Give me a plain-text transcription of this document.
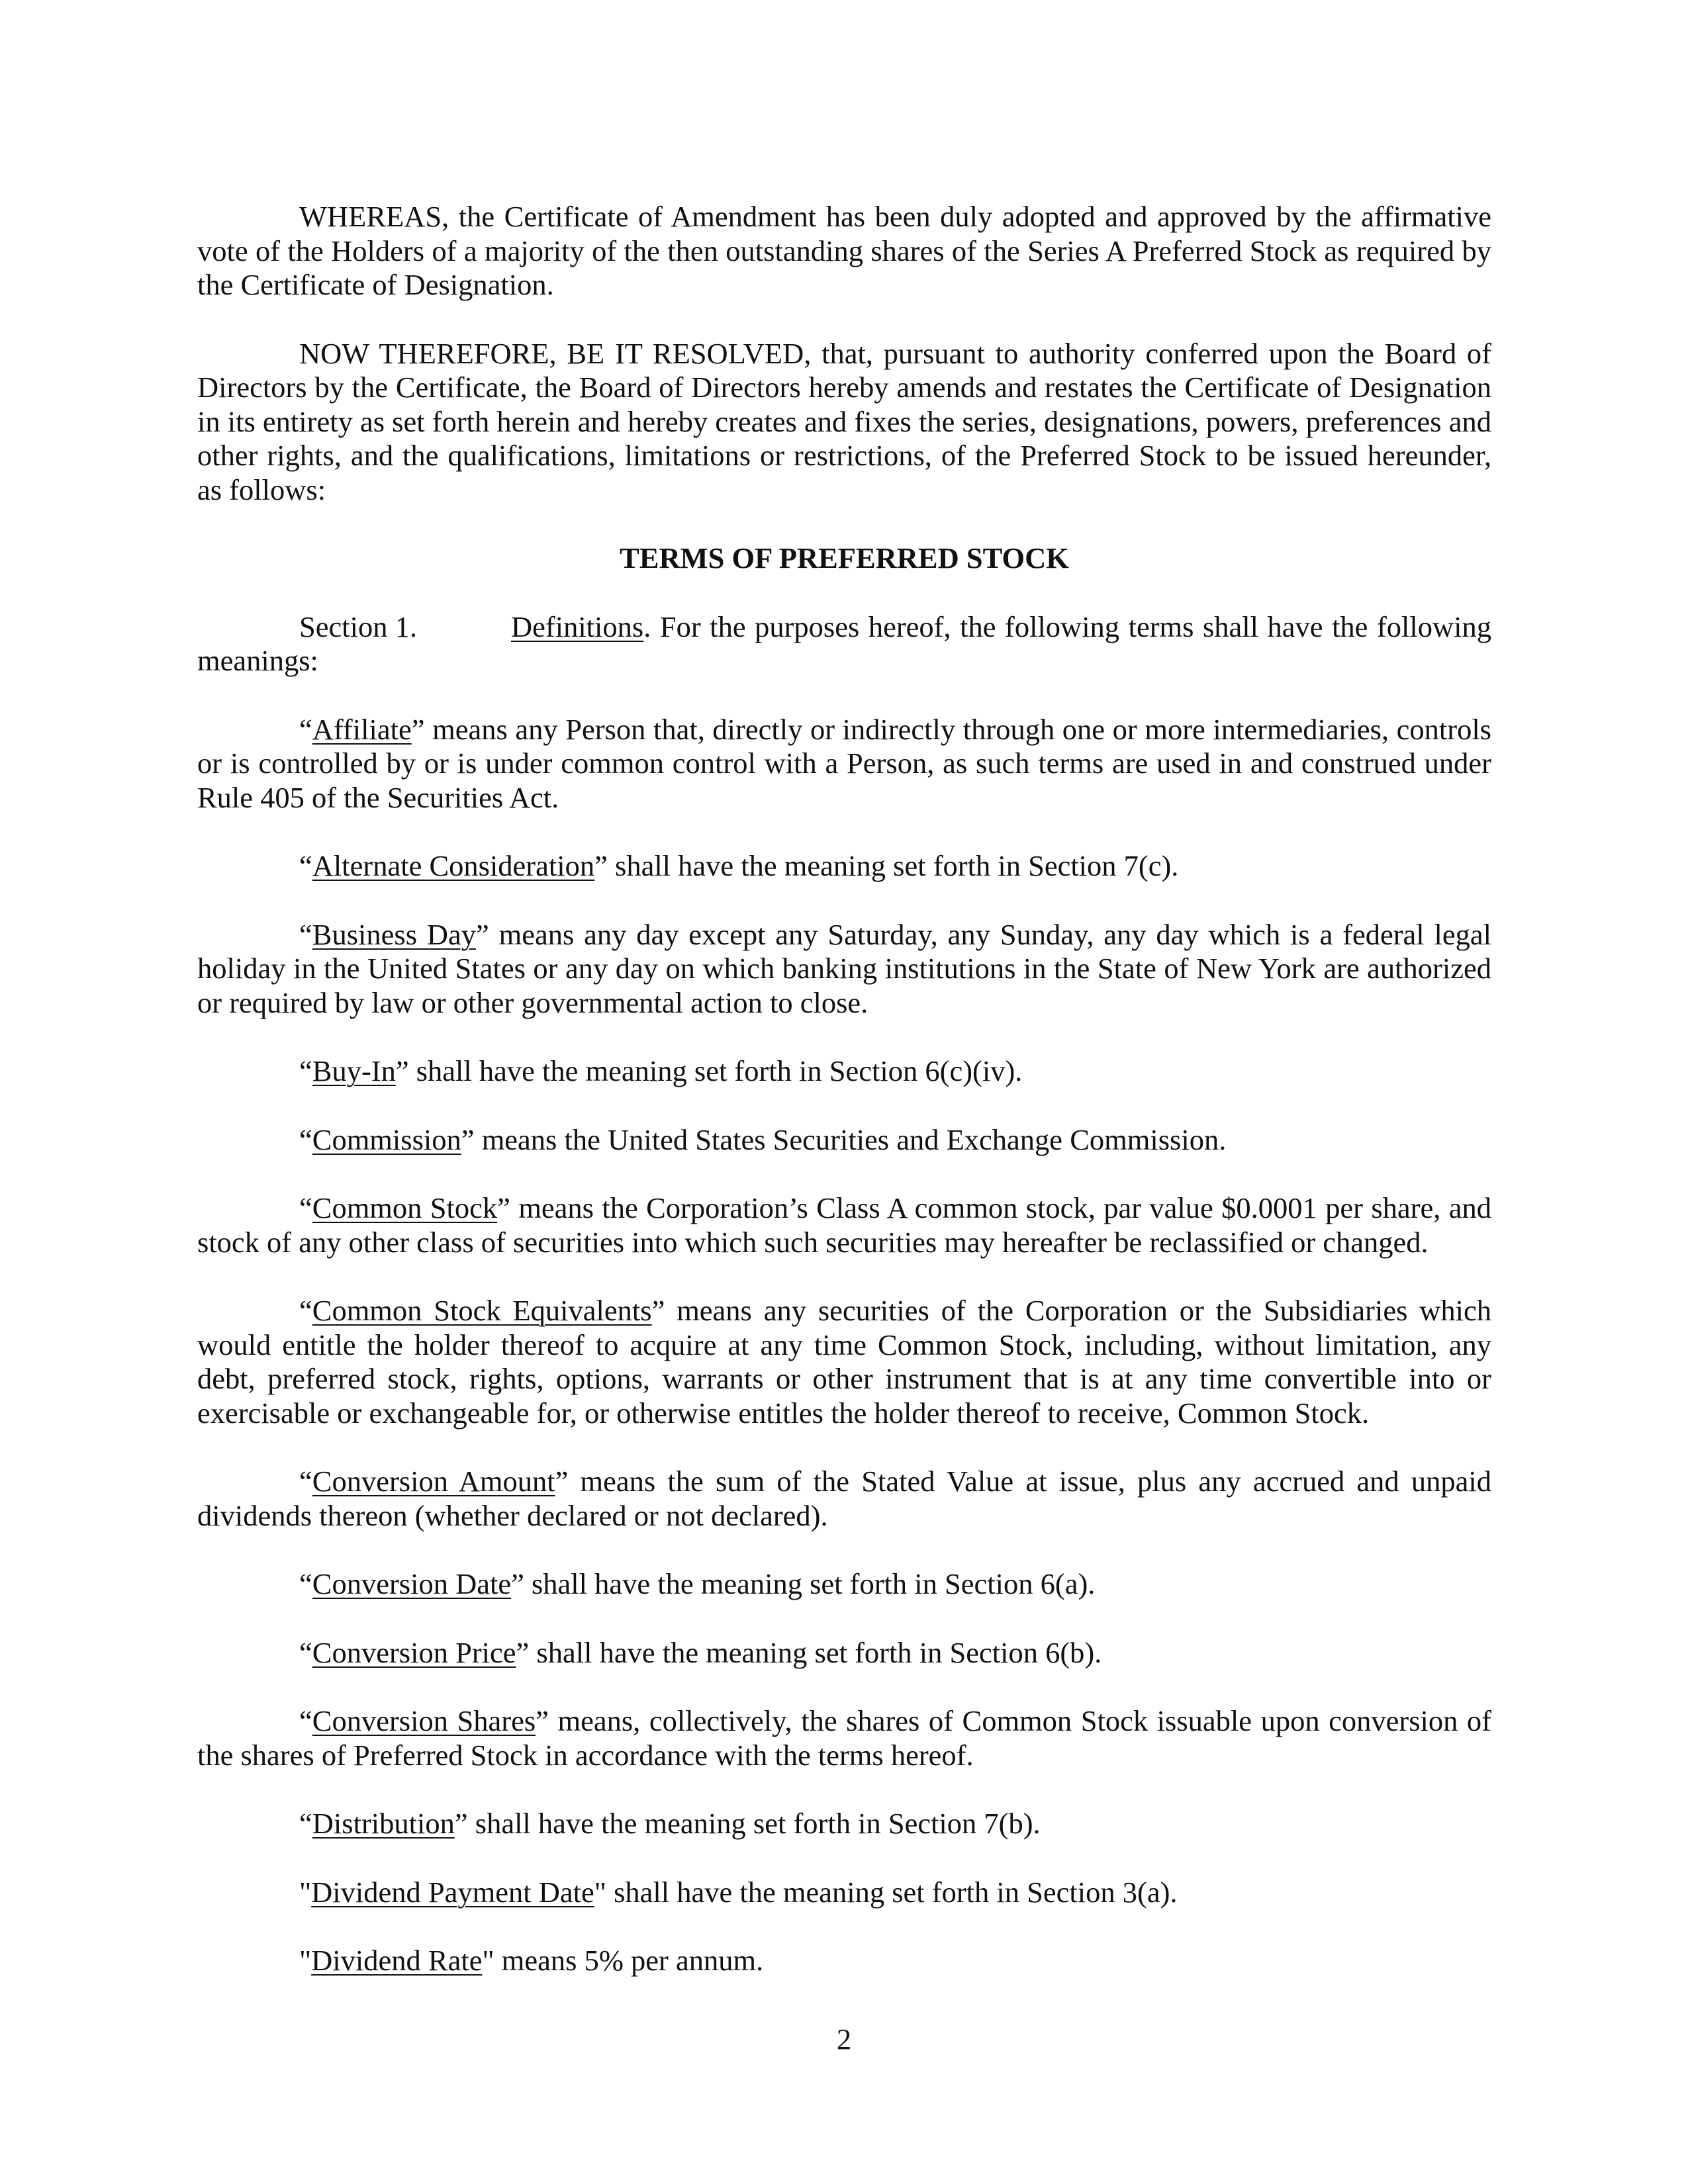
WHEREAS, the Certificate of Amendment has been duly adopted and approved by the affirmative vote of the Holders of a majority of the then outstanding shares of the Series A Preferred Stock as required by the Certificate of Designation.

NOW THEREFORE, BE IT RESOLVED, that, pursuant to authority conferred upon the Board of Directors by the Certificate, the Board of Directors hereby amends and restates the Certificate of Designation in its entirety as set forth herein and hereby creates and fixes the series, designations, powers, preferences and other rights, and the qualifications, limitations or restrictions, of the Preferred Stock to be issued hereunder, as follows:

TERMS OF PREFERRED STOCK

Section 1.	Definitions. For the purposes hereof, the following terms shall have the following meanings:

“Affiliate” means any Person that, directly or indirectly through one or more intermediaries, controls or is controlled by or is under common control with a Person, as such terms are used in and construed under Rule 405 of the Securities Act.

“Alternate Consideration” shall have the meaning set forth in Section 7(c).

“Business Day” means any day except any Saturday, any Sunday, any day which is a federal legal holiday in the United States or any day on which banking institutions in the State of New York are authorized or required by law or other governmental action to close.

“Buy-In” shall have the meaning set forth in Section 6(c)(iv).

“Commission” means the United States Securities and Exchange Commission.

“Common Stock” means the Corporation’s Class A common stock, par value $0.0001 per share, and stock of any other class of securities into which such securities may hereafter be reclassified or changed.

“Common Stock Equivalents” means any securities of the Corporation or the Subsidiaries which would entitle the holder thereof to acquire at any time Common Stock, including, without limitation, any debt, preferred stock, rights, options, warrants or other instrument that is at any time convertible into or exercisable or exchangeable for, or otherwise entitles the holder thereof to receive, Common Stock.

“Conversion Amount” means the sum of the Stated Value at issue, plus any accrued and unpaid dividends thereon (whether declared or not declared).

“Conversion Date” shall have the meaning set forth in Section 6(a).

“Conversion Price” shall have the meaning set forth in Section 6(b).

“Conversion Shares” means, collectively, the shares of Common Stock issuable upon conversion of the shares of Preferred Stock in accordance with the terms hereof.

“Distribution” shall have the meaning set forth in Section 7(b).

"Dividend Payment Date" shall have the meaning set forth in Section 3(a).

"Dividend Rate" means 5% per annum.

2
